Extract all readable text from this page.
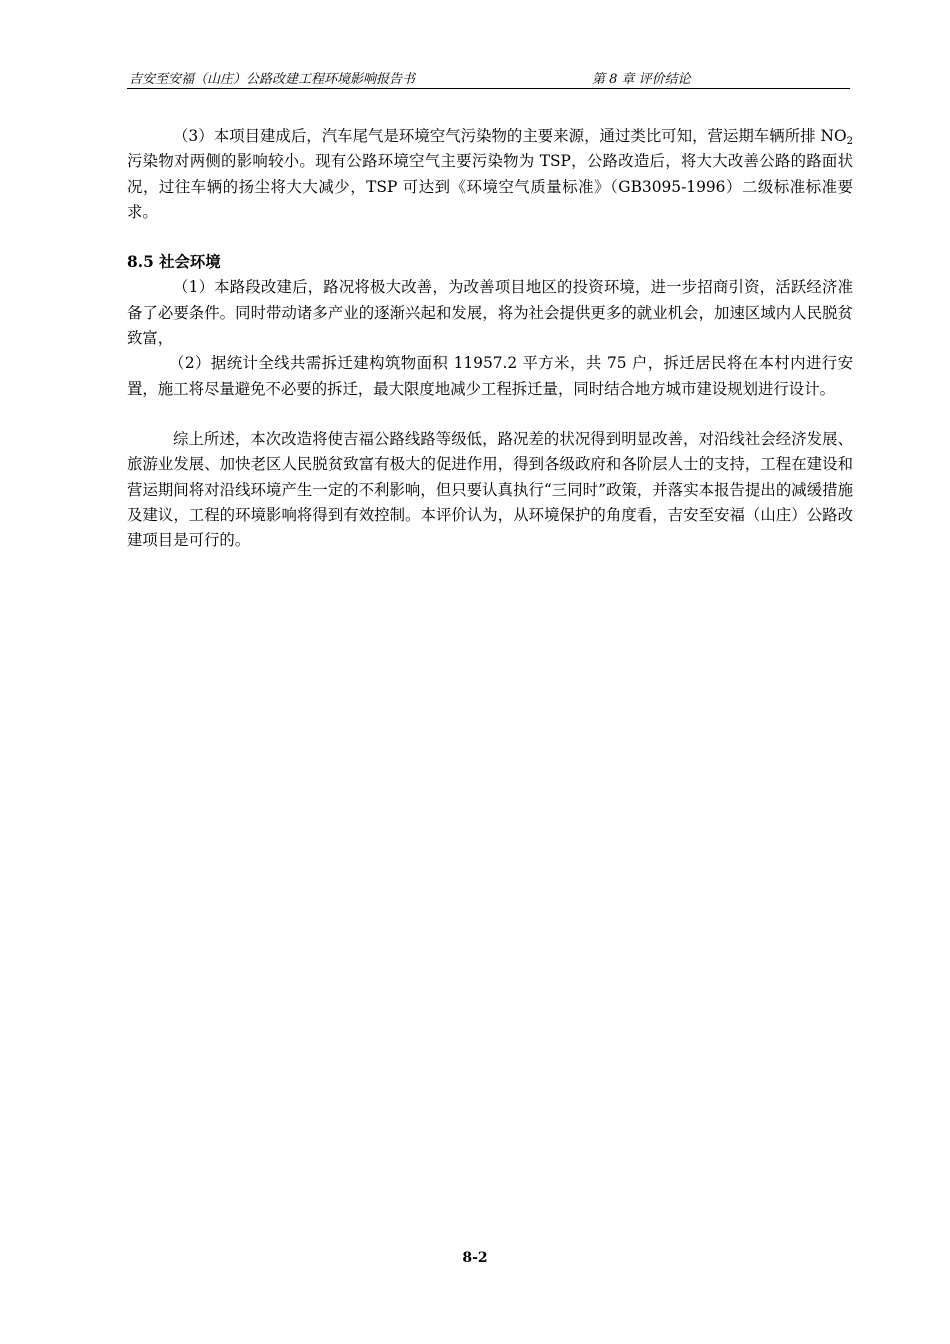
吉安至安福（山庄）公路改建工程环境影响报告书	第 8 章 评价结论

（3）本项目建成后，汽车尾气是环境空气污染物的主要来源，通过类比可知，营运期车辆所排 $NO_2$污染物对两侧的影响较小。现有公路环境空气主要污染物为 TSP，公路改造后，将大大改善公路的路面状况，过往车辆的扬尘将大大减少，TSP 可达到《环境空气质量标准》（GB3095-1996）二级标准标准要求。

8.5 社会环境

（1）本路段改建后，路况将极大改善，为改善项目地区的投资环境，进一步招商引资，活跃经济准备了必要条件。同时带动诸多产业的逐渐兴起和发展，将为社会提供更多的就业机会，加速区域内人民脱贫致富，

（2）据统计全线共需拆迁建构筑物面积 11957.2 平方米，共 75 户，拆迁居民将在本村内进行安置，施工将尽量避免不必要的拆迁，最大限度地减少工程拆迁量，同时结合地方城市建设规划进行设计。

综上所述，本次改造将使吉福公路线路等级低，路况差的状况得到明显改善，对沿线社会经济发展、旅游业发展、加快老区人民脱贫致富有极大的促进作用，得到各级政府和各阶层人士的支持，工程在建设和营运期间将对沿线环境产生一定的不利影响，但只要认真执行“三同时”政策，并落实本报告提出的减缓措施及建议，工程的环境影响将得到有效控制。本评价认为，从环境保护的角度看，吉安至安福（山庄）公路改建项目是可行的。

8-2
